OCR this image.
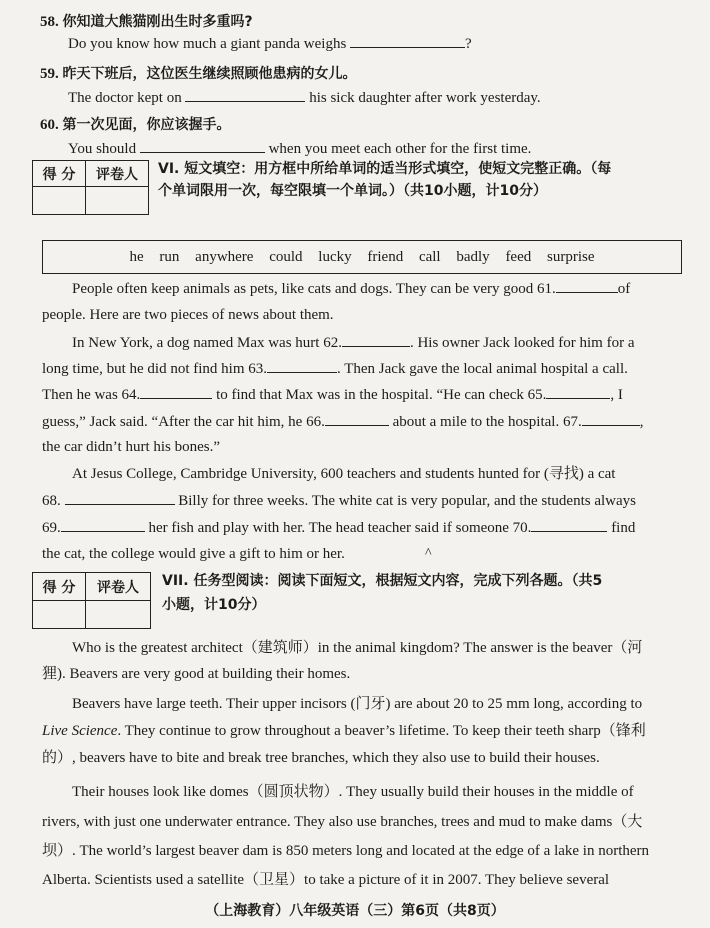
58. 你知道大熊猫刚出生时多重吗?
Do you know how much a giant panda weighs	?
59. 昨天下班后，这位医生继续照顾他患病的女儿。
The doctor kept on	his sick daughter after work yesterday.
60. 第一次见面，你应该握手。
You should	when you meet each other for the first time.
得 分	评卷人
	VI. 短文填空：用方框中所给单词的适当形式填空，使短文完整正确。（每
个单词限用一次，每空限填一个单词。）（共10小题，计10分）
he run anywhere could lucky friend call badly feed surprise
People often keep animals as pets, like cats and dogs. They can be very good 61.	of
people. Here are two pieces of news about them.
In New York, a dog named Max was hurt 62.	. His owner Jack looked for him for a
long time, but he did not find him 63.	. Then Jack gave the local animal hospital a call.
Then he was 64.	to find that Max was in the hospital. “He can check 65.	, I
guess,” Jack said. “After the car hit him, he 66.	about a mile to the hospital. 67.	,
the car didn’t hurt his bones.”
At Jesus College, Cambridge University, 600 teachers and students hunted for (寻找) a cat
68.	Billy for three weeks. The white cat is very popular, and the students always
69.	her fish and play with her. The head teacher said if someone 70.	find
the cat, the college would give a gift to him or her.	^
得 分	评卷人
	VII. 任务型阅读：阅读下面短文，根据短文内容，完成下列各题。（共5
小题，计10分）
Who is the greatest architect（建筑师）in the animal kingdom? The answer is the beaver（河
狸). Beavers are very good at building their homes.
Beavers have large teeth. Their upper incisors (门牙) are about 20 to 25 mm long, according to
Live Science. They continue to grow throughout a beaver’s lifetime. To keep their teeth sharp（锋利
的）, beavers have to bite and break tree branches, which they also use to build their houses.
Their houses look like domes（圆顶状物）. They usually build their houses in the middle of
rivers, with just one underwater entrance. They also use branches, trees and mud to make dams（大
坝）. The world’s largest beaver dam is 850 meters long and located at the edge of a lake in northern
Alberta. Scientists used a satellite（卫星）to take a picture of it in 2007. They believe several
（上海教育）八年级英语（三）第6页（共8页）
